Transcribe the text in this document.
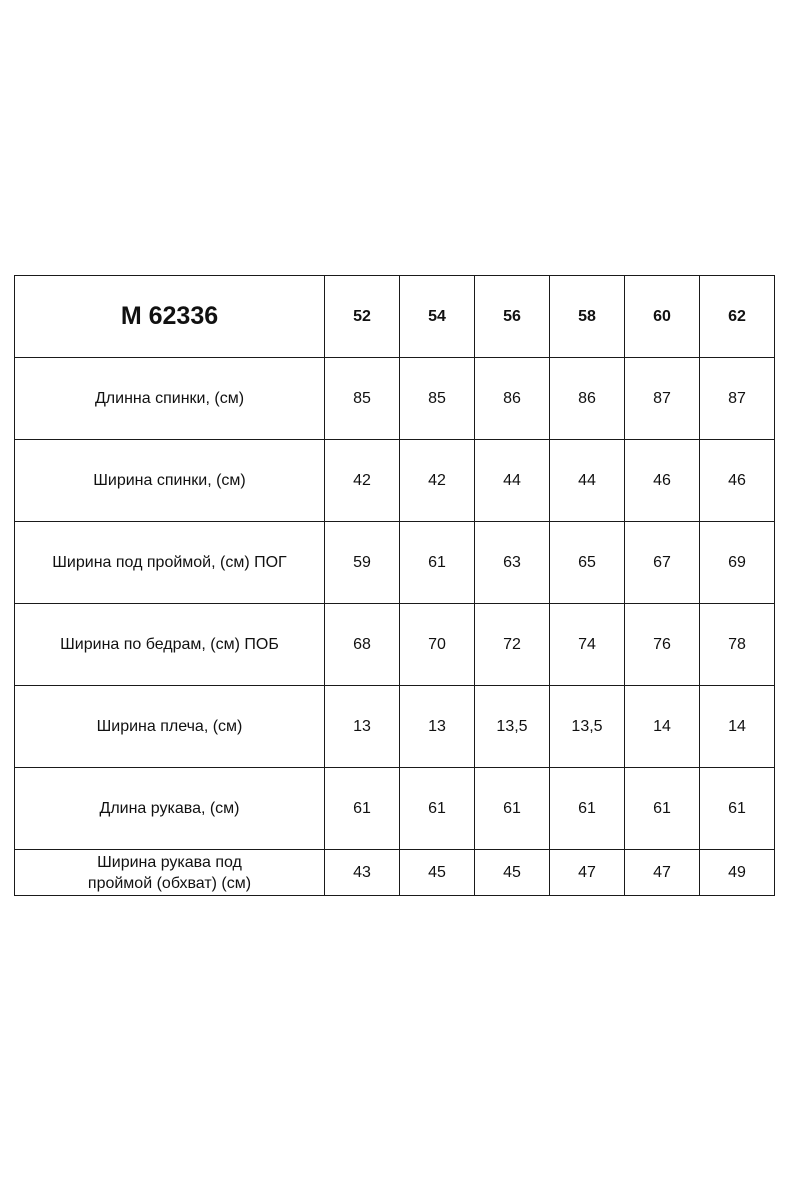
М 62336	52	54	56	58	60	62
Длинна спинки, (см)	85	85	86	86	87	87
Ширина спинки, (см)	42	42	44	44	46	46
Ширина под проймой, (см) ПОГ	59	61	63	65	67	69
Ширина по бедрам, (см) ПОБ	68	70	72	74	76	78
Ширина плеча, (см)	13	13	13,5	13,5	14	14
Длина рукава, (см)	61	61	61	61	61	61
Ширина рукава под
проймой (обхват) (см)	43	45	45	47	47	49
